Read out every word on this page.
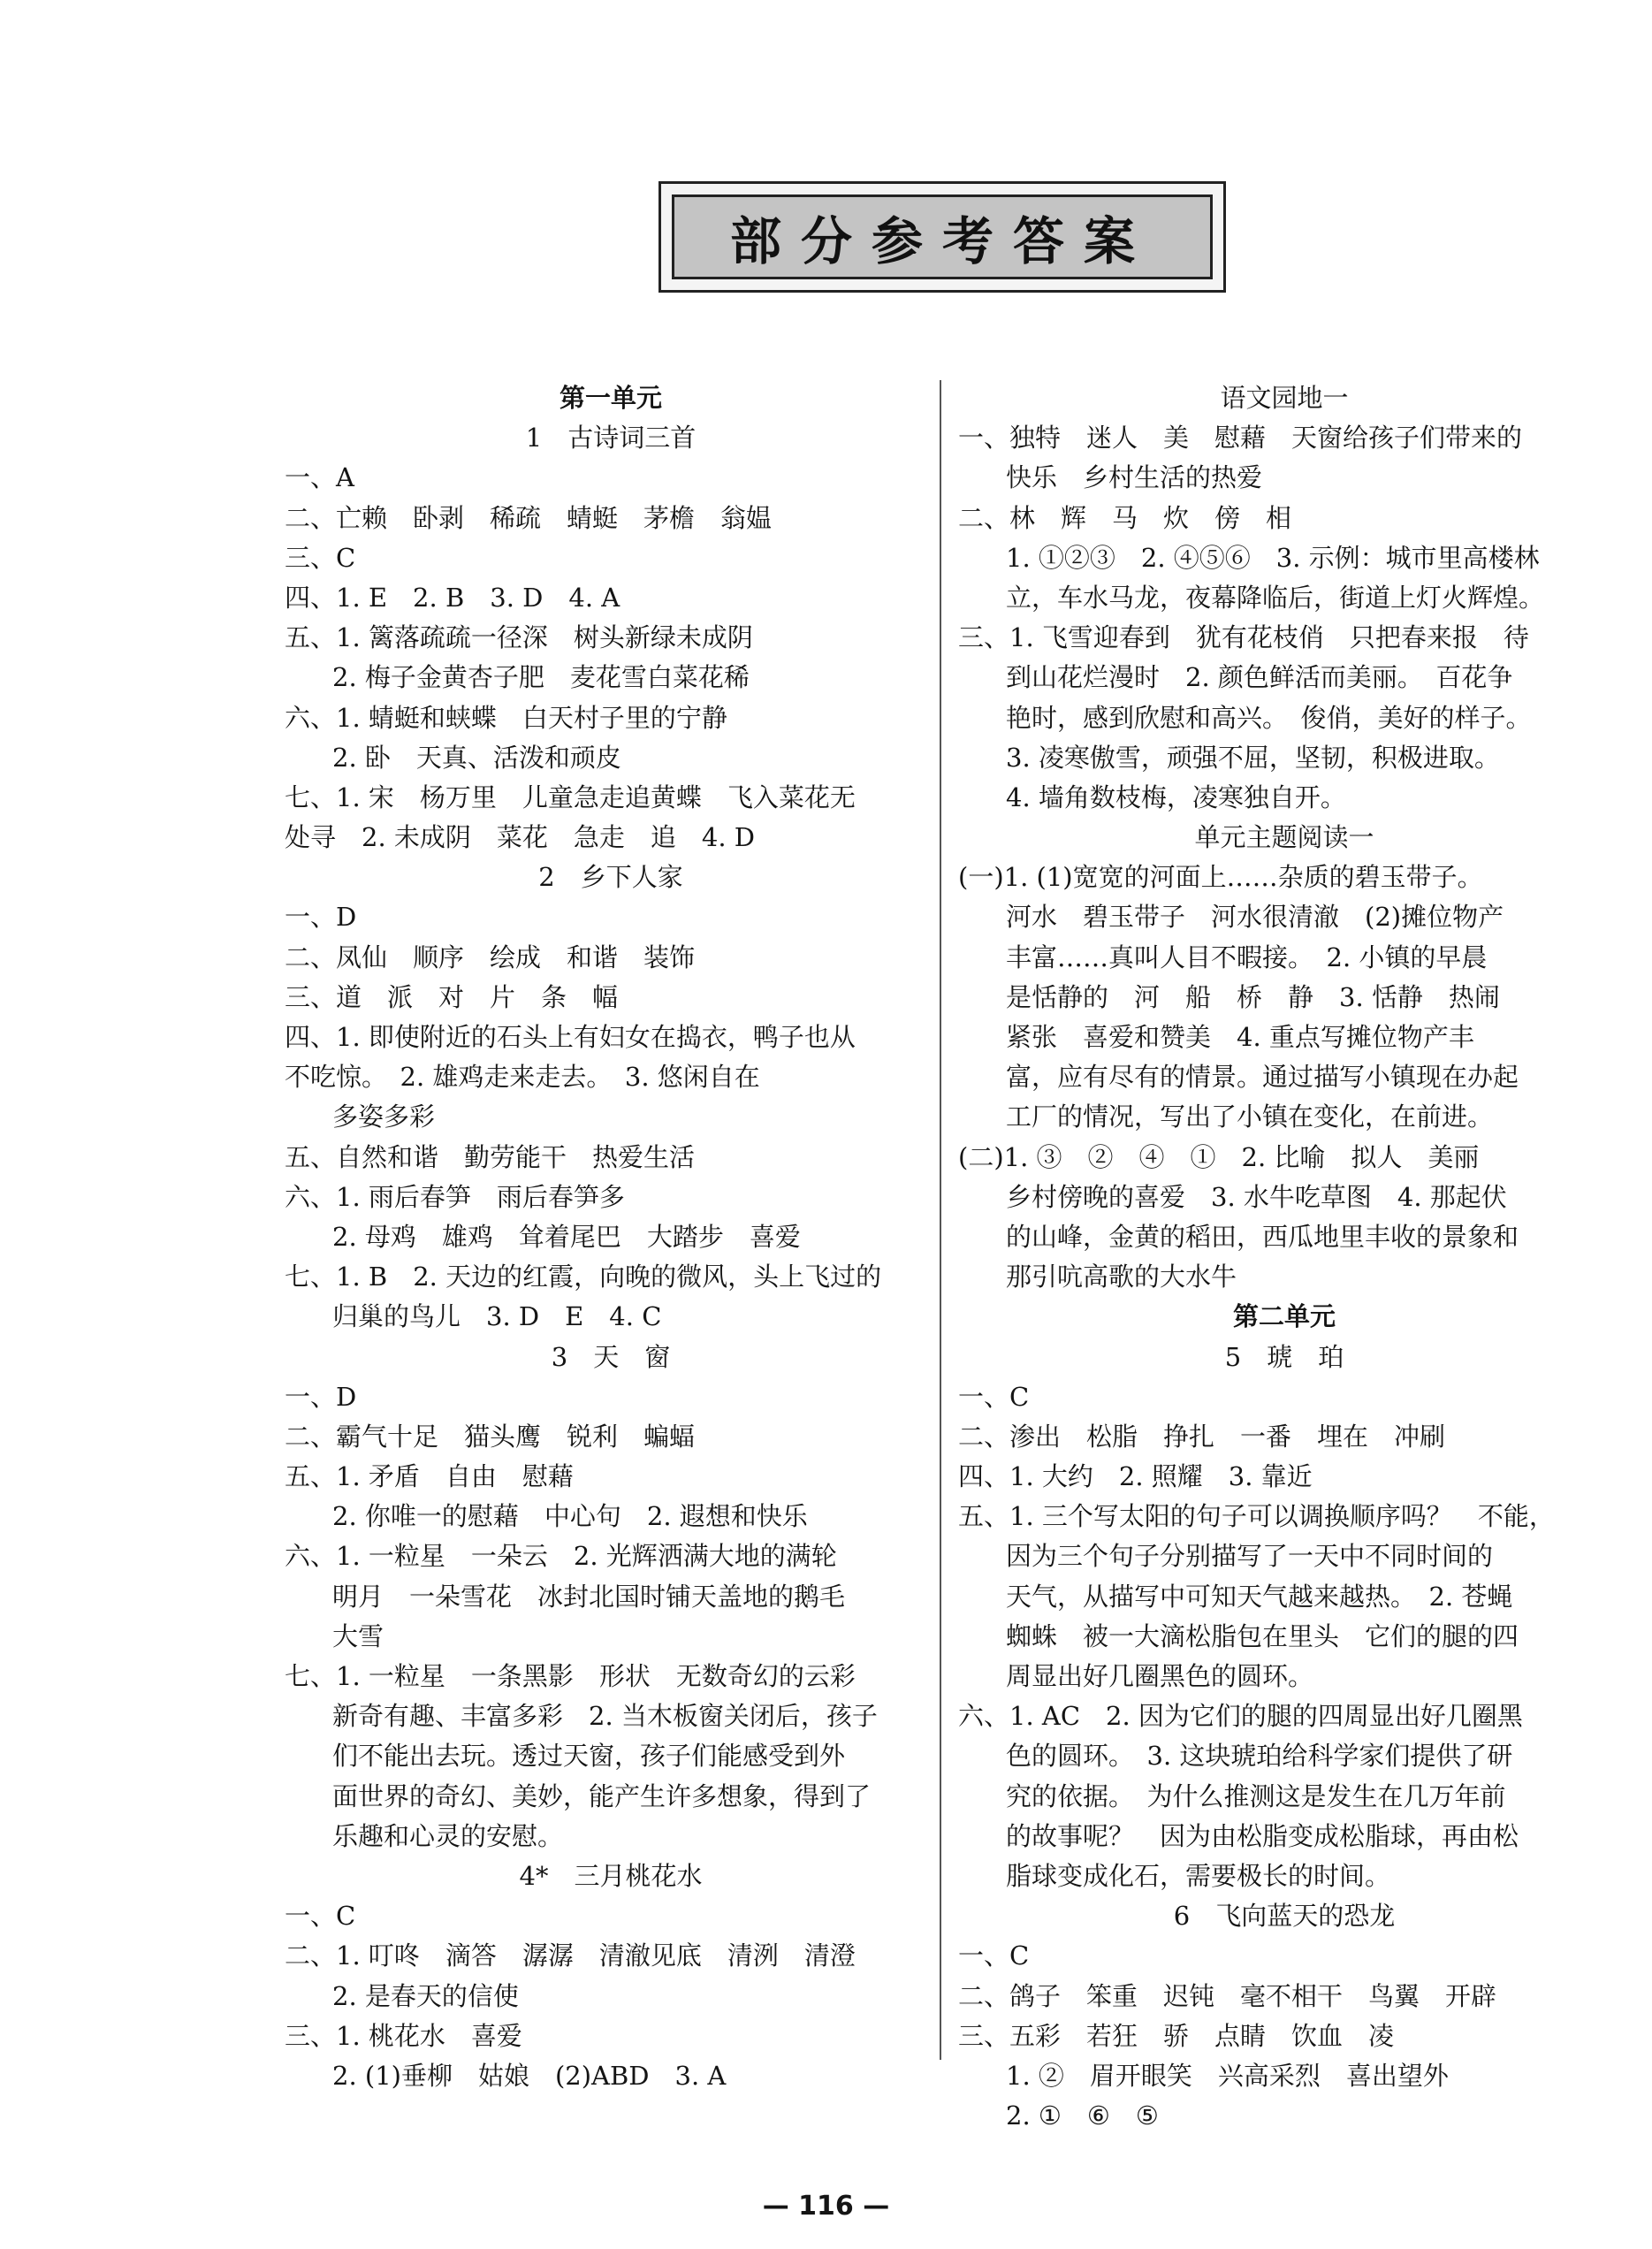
部分参考答案
第一单元
1　古诗词三首
一、A
二、亡赖　卧剥　稀疏　蜻蜓　茅檐　翁媪
三、C
四、1. E　2. B　3. D　4. A
五、1. 篱落疏疏一径深　树头新绿未成阴
2. 梅子金黄杏子肥　麦花雪白菜花稀
六、1. 蜻蜓和蛱蝶　白天村子里的宁静
2. 卧　天真、活泼和顽皮
七、1. 宋　杨万里　儿童急走追黄蝶　飞入菜花无
处寻　2. 未成阴　菜花　急走　追　4. D
2　乡下人家
一、D
二、凤仙　顺序　绘成　和谐　装饰
三、道　派　对　片　条　幅
四、1. 即使附近的石头上有妇女在捣衣，鸭子也从
不吃惊。　2. 雄鸡走来走去。　3. 悠闲自在
多姿多彩
五、自然和谐　勤劳能干　热爱生活
六、1. 雨后春笋　雨后春笋多
2. 母鸡　雄鸡　耸着尾巴　大踏步　喜爱
七、1. B　2. 天边的红霞，向晚的微风，头上飞过的
归巢的鸟儿　3. D　E　4. C
3　天　窗
一、D
二、霸气十足　猫头鹰　锐利　蝙蝠
五、1. 矛盾　自由　慰藉
2. 你唯一的慰藉　中心句　2. 遐想和快乐
六、1. 一粒星　一朵云　2. 光辉洒满大地的满轮
明月　一朵雪花　冰封北国时铺天盖地的鹅毛
大雪
七、1. 一粒星　一条黑影　形状　无数奇幻的云彩
新奇有趣、丰富多彩　2. 当木板窗关闭后，孩子
们不能出去玩。透过天窗，孩子们能感受到外
面世界的奇幻、美妙，能产生许多想象，得到了
乐趣和心灵的安慰。
4*　三月桃花水
一、C
二、1. 叮咚　滴答　潺潺　清澈见底　清洌　清澄
2. 是春天的信使
三、1. 桃花水　喜爱
2. (1)垂柳　姑娘　(2)ABD　3. A
语文园地一
一、独特　迷人　美　慰藉　天窗给孩子们带来的
快乐　乡村生活的热爱
二、林　辉　马　炊　傍　相
1. ①②③　2. ④⑤⑥　3. 示例：城市里高楼林
立，车水马龙，夜幕降临后，街道上灯火辉煌。
三、1. 飞雪迎春到　犹有花枝俏　只把春来报　待
到山花烂漫时　2. 颜色鲜活而美丽。　百花争
艳时，感到欣慰和高兴。　俊俏，美好的样子。
3. 凌寒傲雪，顽强不屈，坚韧，积极进取。
4. 墙角数枝梅，凌寒独自开。
单元主题阅读一
(一)1. (1)宽宽的河面上……杂质的碧玉带子。
河水　碧玉带子　河水很清澈　(2)摊位物产
丰富……真叫人目不暇接。　2. 小镇的早晨
是恬静的　河　船　桥　静　3. 恬静　热闹
紧张　喜爱和赞美　4. 重点写摊位物产丰
富，应有尽有的情景。通过描写小镇现在办起
工厂的情况，写出了小镇在变化，在前进。
(二)1. ③　②　④　①　2. 比喻　拟人　美丽
乡村傍晚的喜爱　3. 水牛吃草图　4. 那起伏
的山峰，金黄的稻田，西瓜地里丰收的景象和
那引吭高歌的大水牛
第二单元
5　琥　珀
一、C
二、渗出　松脂　挣扎　一番　埋在　冲刷
四、1. 大约　2. 照耀　3. 靠近
五、1. 三个写太阳的句子可以调换顺序吗？　不能，
因为三个句子分别描写了一天中不同时间的
天气，从描写中可知天气越来越热。　2. 苍蝇
蜘蛛　被一大滴松脂包在里头　它们的腿的四
周显出好几圈黑色的圆环。
六、1. AC　2. 因为它们的腿的四周显出好几圈黑
色的圆环。　3. 这块琥珀给科学家们提供了研
究的依据。　为什么推测这是发生在几万年前
的故事呢？　因为由松脂变成松脂球，再由松
脂球变成化石，需要极长的时间。
6　飞向蓝天的恐龙
一、C
二、鸽子　笨重　迟钝　毫不相干　鸟翼　开辟
三、五彩　若狂　骄　点睛　饮血　凌
1. ②　眉开眼笑　兴高采烈　喜出望外
2. ①　⑥　⑤
— 116 —
